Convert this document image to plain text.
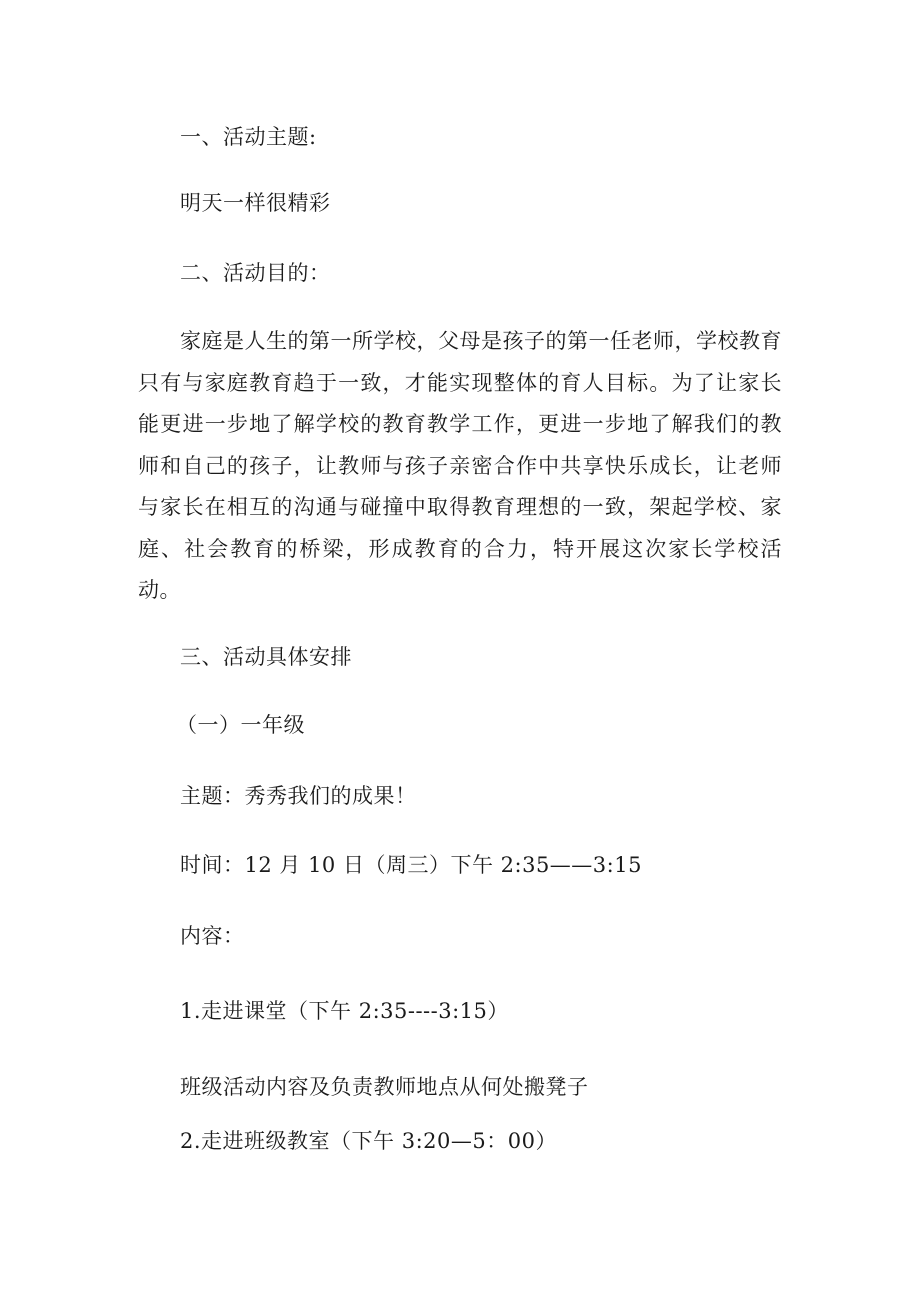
一、活动主题:
明天一样很精彩
二、活动目的：
家庭是人生的第一所学校，父母是孩子的第一任老师，学校教育只有与家庭教育趋于一致，才能实现整体的育人目标。为了让家长能更进一步地了解学校的教育教学工作，更进一步地了解我们的教师和自己的孩子，让教师与孩子亲密合作中共享快乐成长，让老师与家长在相互的沟通与碰撞中取得教育理想的一致，架起学校、家庭、社会教育的桥梁，形成教育的合力，特开展这次家长学校活动。
三、活动具体安排
（一）一年级
主题：秀秀我们的成果！
时间：12 月 10 日（周三）下午 2:35——3:15
内容：
1.走进课堂（下午 2:35----3:15）
班级活动内容及负责教师地点从何处搬凳子
2.走进班级教室（下午 3:20—5：00）
